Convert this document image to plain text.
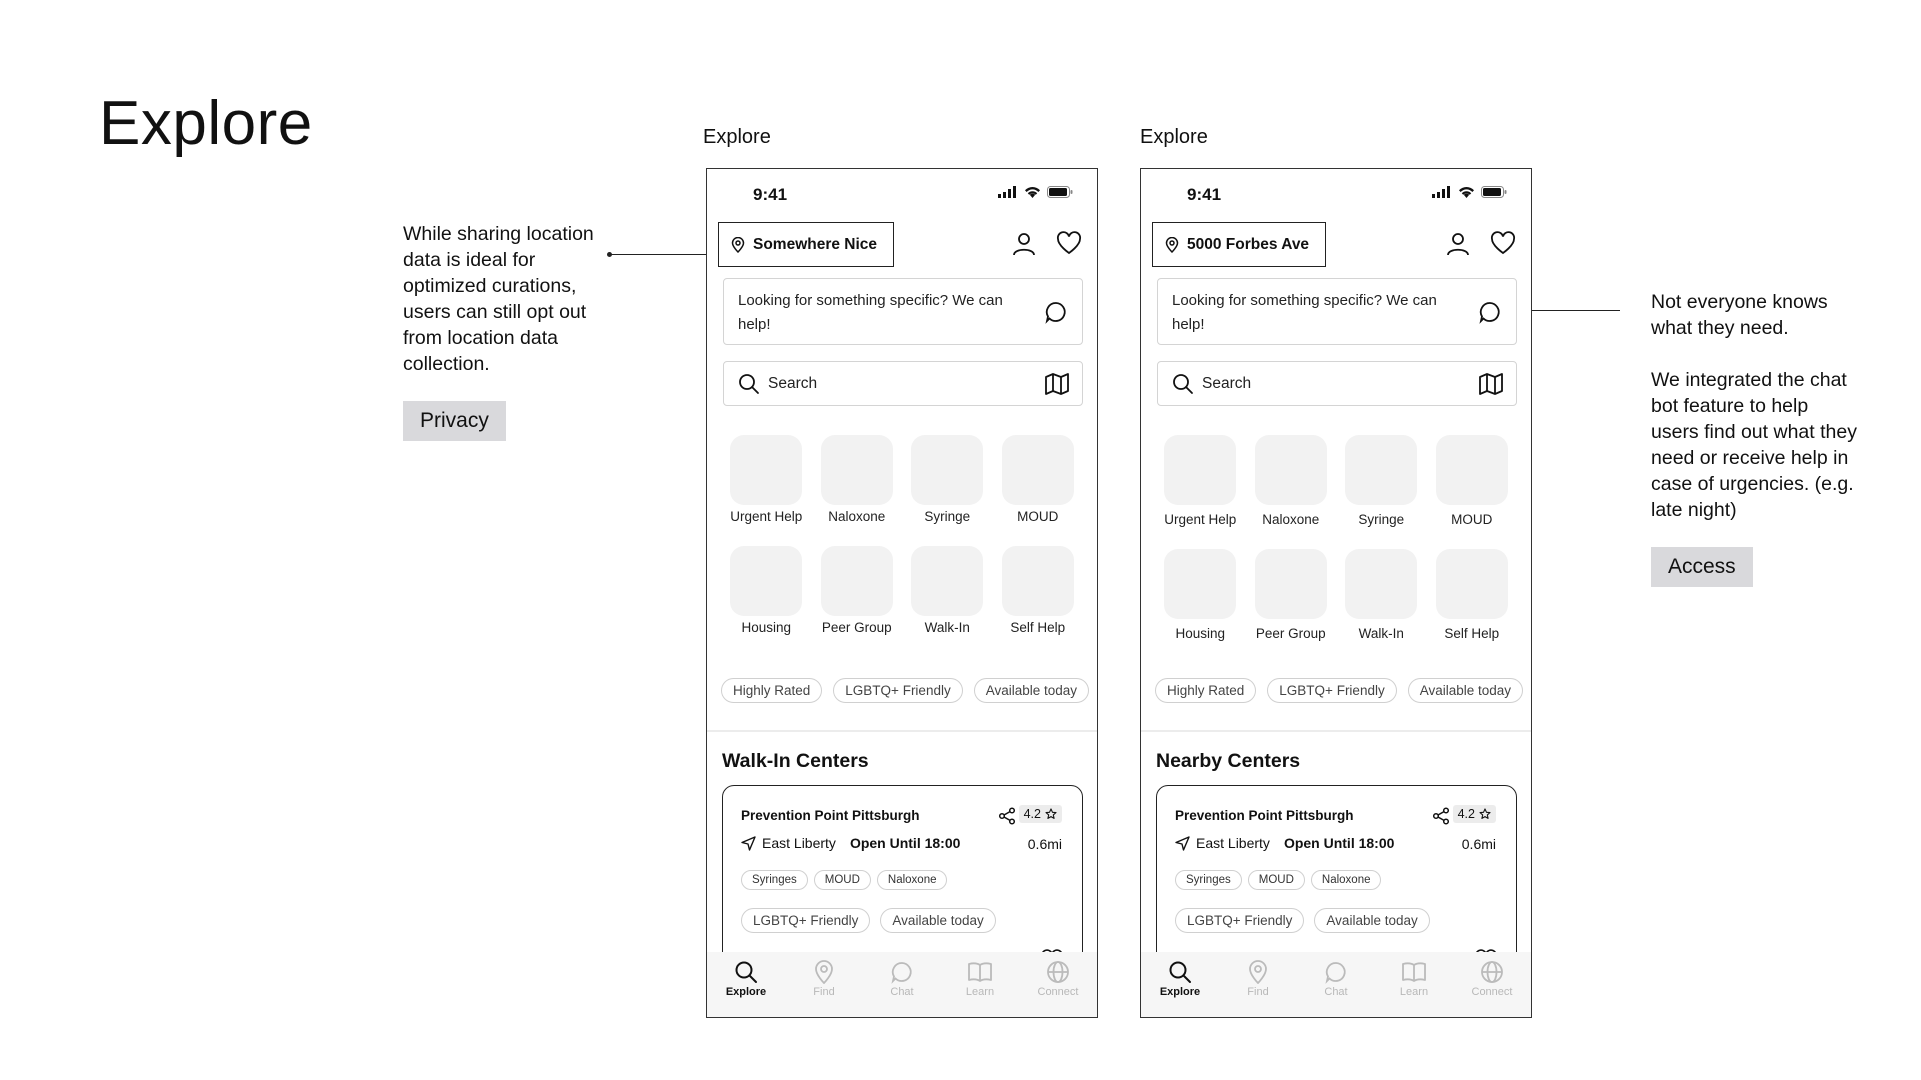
Explore
While sharing location data is ideal for optimized curations, users can still opt out from location data collection.
Privacy

Not everyone knows what they need.

We integrated the chat bot feature to help users find out what they need or receive help in case of urgencies. (e.g. late night)

Access
Explore	Explore
9:41
Somewhere Nice
Looking for something specific? We can help!
Search
Urgent Help Naloxone	Syringe	MOUD
Housing Peer Group Walk-In	Self Help
Highly Rated	LGBTQ+ Friendly	Available today
Walk-In Centers
Prevention Point Pittsburgh	4.2
East Liberty Open Until 18:00	0.6mi
Syringes	MOUD	Naloxone
LGBTQ+ Friendly	Available today
Explore	Find	Chat	Learn	Connect
9:41
5000 Forbes Ave
Looking for something specific? We can help!
Search
Urgent Help Naloxone	Syringe	MOUD
Housing Peer Group Walk-In	Self Help
Highly Rated	LGBTQ+ Friendly	Available today
Nearby Centers
Prevention Point Pittsburgh	4.2
East Liberty Open Until 18:00	0.6mi
Syringes	MOUD	Naloxone
LGBTQ+ Friendly	Available today
Explore	Find	Chat	Learn	Connect
